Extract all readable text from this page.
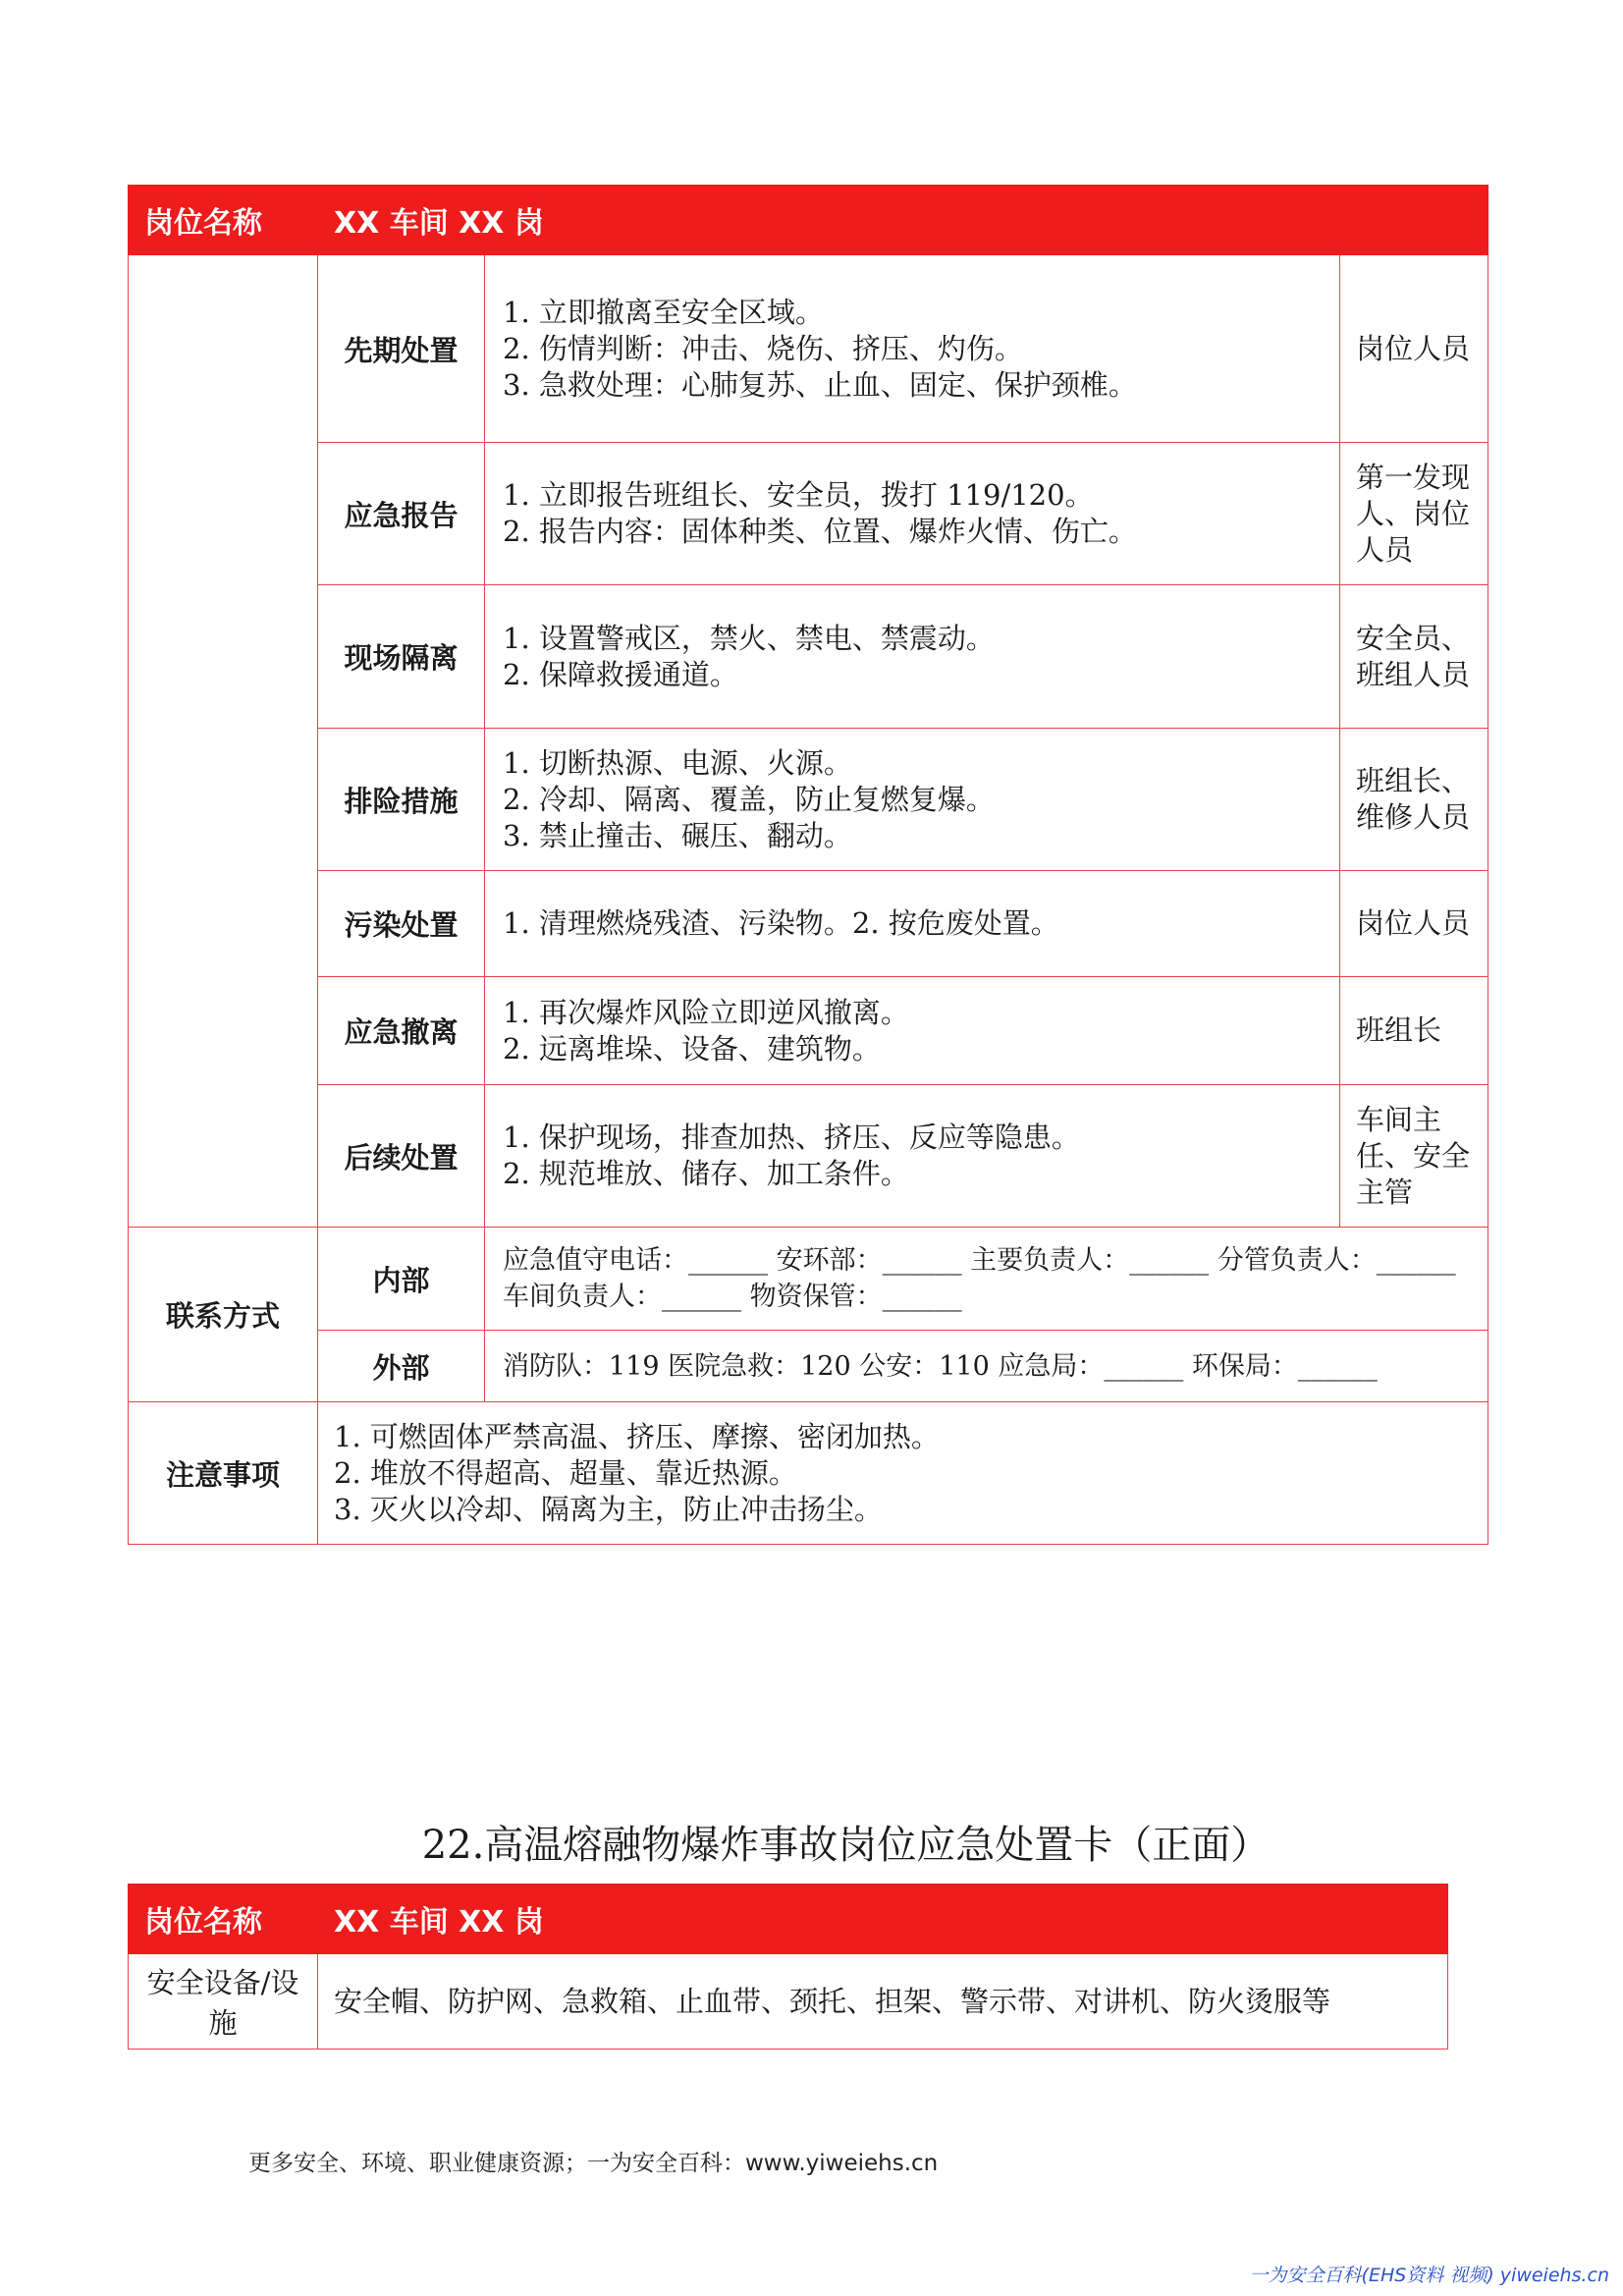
岗位名称	XX 车间 XX 岗		
	先期处置	1. 立即撤离至安全区域。
2. 伤情判断：冲击、烧伤、挤压、灼伤。
3. 急救处理：心肺复苏、止血、固定、保护颈椎。	岗位人员
	应急报告	1. 立即报告班组长、安全员，拨打 119/120。
2. 报告内容：固体种类、位置、爆炸火情、伤亡。	第一发现人、岗位人员
	现场隔离	1. 设置警戒区，禁火、禁电、禁震动。
2. 保障救援通道。	安全员、班组人员
	排险措施	1. 切断热源、电源、火源。
2. 冷却、隔离、覆盖，防止复燃复爆。
3. 禁止撞击、碾压、翻动。	班组长、维修人员
	污染处置	1. 清理燃烧残渣、污染物。2. 按危废处置。	岗位人员
	应急撤离	1. 再次爆炸风险立即逆风撤离。
2. 远离堆垛、设备、建筑物。	班组长
	后续处置	1. 保护现场，排查加热、挤压、反应等隐患。
2. 规范堆放、储存、加工条件。	车间主任、安全主管
联系方式	内部	应急值守电话：______ 安环部：______ 主要负责人：______ 分管负责人：______ 车间负责人：______ 物资保管：______	
	外部	消防队：119 医院急救：120 公安：110 应急局：______ 环保局：______	
注意事项	1. 可燃固体严禁高温、挤压、摩擦、密闭加热。
2. 堆放不得超高、超量、靠近热源。
3. 灭火以冷却、隔离为主，防止冲击扬尘。		
22.高温熔融物爆炸事故岗位应急处置卡（正面）
岗位名称	XX 车间 XX 岗
安全设备/设施	安全帽、防护网、急救箱、止血带、颈托、担架、警示带、对讲机、防火烫服等
更多安全、环境、职业健康资源；一为安全百科：www.yiweiehs.cn
一为安全百科(EHS资料 视频) yiweiehs.cn
